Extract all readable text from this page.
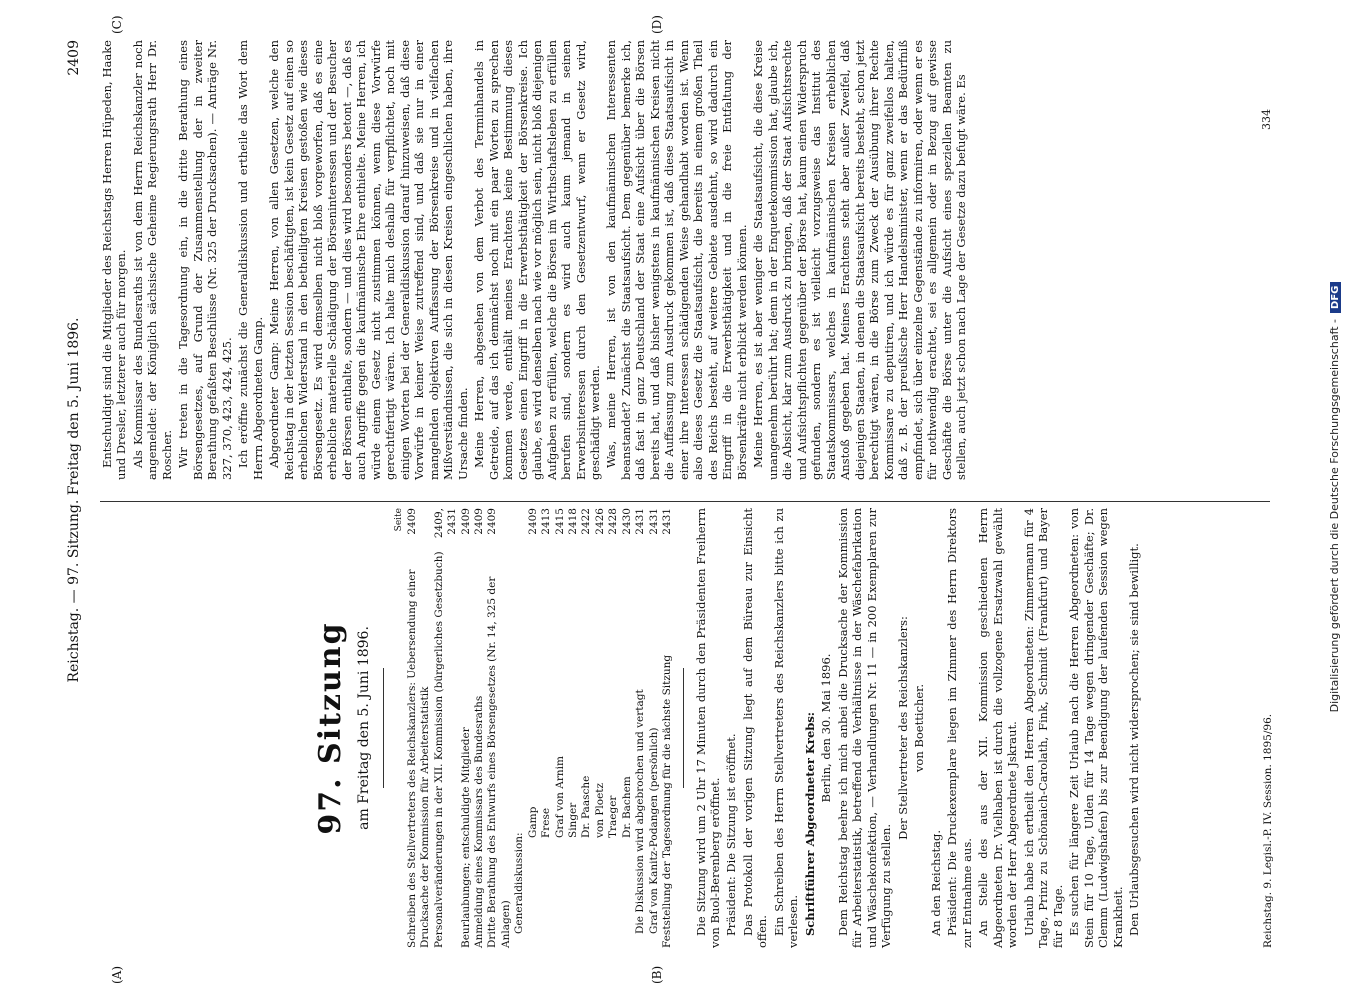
Reichstag. — 97. Sitzung. Freitag den 5. Juni 1896.
2409
(A)	(B)
(C)	(D)
97. Sitzung am Freitag den 5. Juni 1896.
Seite
Schreiben des Stellvertreters des Reichskanzlers: Uebersendung einer Drucksache der Kommission für Arbeiterstatistik
2409
Personalveränderungen in der XII. Kommission (bürgerliches Gesetzbuch)
2409, 2431
Beurlaubungen; entschuldigte Mitglieder
2409
Anmeldung eines Kommissars des Bundesraths
2409
Dritte Berathung des Entwurfs eines Börsengesetzes (Nr. 14, 325 der Anlagen)
2409
Generaldiskussion:
Gamp
2409
Frese
2413
Graf von Arnim
2415
Singer
2418
Dr. Paasche
2422
von Ploetz
2426
Traeger
2428
Dr. Bachem
2430
Die Diskussion wird abgebrochen und vertagt
2431
Graf von Kanitz-Podangen (persönlich)
2431
Feststellung der Tagesordnung für die nächste Sitzung
2431 Die Sitzung wird um 2 Uhr 17 Minuten durch den Präsidenten Freiherrn von Buol-Berenberg eröffnet. Präsident: Die Sitzung ist eröffnet. Das Protokoll der vorigen Sitzung liegt auf dem Büreau zur Einsicht offen. Ein Schreiben des Herrn Stellvertreters des Reichskanzlers bitte ich zu verlesen. Schriftführer Abgeordneter Krebs: Berlin, den 30. Mai 1896. Dem Reichstag beehre ich mich anbei die Drucksache der Kommission für Arbeiterstatistik, betreffend die Verhältnisse in der Wäschefabrikation und Wäschekonfektion, — Verhandlungen Nr. 11 — in 200 Exemplaren zur Verfügung zu stellen.

Der Stellvertreter des Reichskanzlers: von Boetticher.

An den Reichstag. Präsident: Die Druckexemplare liegen im Zimmer des Herrn Direktors zur Entnahme aus. An Stelle des aus der XII. Kommission geschiedenen Herrn Abgeordneten Dr. Vielhaben ist durch die vollzogene Ersatzwahl gewählt worden der Herr Abgeordnete Jskraut. Urlaub habe ich ertheilt den Herren Abgeordneten: Zimmermann für 4 Tage, Prinz zu Schönaich-Carolath, Fink, Schmidt (Frankfurt) und Bayer für 8 Tage. Es suchen für längere Zeit Urlaub nach die Herren Abgeordneten: von Stein für 10 Tage, Ulden für 14 Tage wegen dringender Geschäfte; Dr. Clemm (Ludwigshafen) bis zur Beendigung der laufenden Session wegen Krankheit. Den Urlaubsgesuchen wird nicht widersprochen; sie sind bewilligt.

Entschuldigt sind die Mitglieder des Reichstags Herren Hüpeden, Haake und Dresler, letzterer auch für morgen. Als Kommissar des Bundesraths ist von dem Herrn Reichskanzler noch angemeldet: der Königlich sächsische Geheime Regierungsrath Herr Dr. Roscher. Wir treten in die Tagesordnung ein, in die dritte Berathung eines Börsengesetzes, auf Grund der Zusammenstellung der in zweiter Berathung gefaßten Beschlüsse (Nr. 325 der Drucksachen). — Anträge Nr. 327, 370, 423, 424, 425. Ich eröffne zunächst die Generaldiskussion und ertheile das Wort dem Herrn Abgeordneten Gamp. Abgeordneter Gamp: Meine Herren, von allen Gesetzen, welche den Reichstag in der letzten Session beschäftigten, ist kein Gesetz auf einen so erheblichen Widerstand in den betheiligten Kreisen gestoßen wie dieses Börsengesetz. Es wird demselben nicht bloß vorgeworfen, daß es eine erhebliche materielle Schädigung der Börseninteressen und der Besucher der Börsen enthalte, sondern — und dies wird besonders betont —, daß es auch Angriffe gegen die kaufmännische Ehre enthielte. Meine Herren, ich würde einem Gesetz nicht zustimmen können, wenn diese Vorwürfe gerechtfertigt wären. Ich halte mich deshalb für verpflichtet, noch mit einigen Worten bei der Generaldiskussion darauf hinzuweisen, daß diese Vorwürfe in keiner Weise zutreffend sind, und daß sie nur in einer mangelnden objektiven Auffassung der Börsenkreise und in vielfachen Mißverständnissen, die sich in diesen Kreisen eingeschlichen haben, ihre Ursache finden. Meine Herren, abgesehen von dem Verbot des Terminhandels in Getreide, auf das ich demnächst noch mit ein paar Worten zu sprechen kommen werde, enthält meines Erachtens keine Bestimmung dieses Gesetzes einen Eingriff in die Erwerbsthätigkeit der Börsenkreise. Ich glaube, es wird denselben nach wie vor möglich sein, nicht bloß diejenigen Aufgaben zu erfüllen, welche die Börsen im Wirthschaftsleben zu erfüllen berufen sind, sondern es wird auch kaum jemand in seinen Erwerbsinteressen durch den Gesetzentwurf, wenn er Gesetz wird, geschädigt werden. Was, meine Herren, ist von den kaufmännischen Interessenten beanstandet? Zunächst die Staatsaufsicht. Dem gegenüber bemerke ich, daß fast in ganz Deutschland der Staat eine Aufsicht über die Börsen bereits hat, und daß bisher wenigstens in kaufmännischen Kreisen nicht die Auffassung zum Ausdruck gekommen ist, daß diese Staatsaufsicht in einer ihre Interessen schädigenden Weise gehandhabt worden ist. Wenn also dieses Gesetz die Staatsaufsicht, die bereits in einem großen Theil des Reichs besteht, auf weitere Gebiete ausdehnt, so wird dadurch ein Eingriff in die Erwerbsthätigkeit und in die freie Entfaltung der Börsenkräfte nicht erblickt werden können. Meine Herren, es ist aber weniger die Staatsaufsicht, die diese Kreise unangenehm berührt hat; denn in der Enquetekommission hat, glaube ich, die Absicht, klar zum Ausdruck zu bringen, daß der Staat Aufsichtsrechte und Aufsichtspflichten gegenüber der Börse hat, kaum einen Widerspruch gefunden, sondern es ist vielleicht vorzugsweise das Institut des Staatskommissars, welches in kaufmännischen Kreisen erheblichen Anstoß gegeben hat. Meines Erachtens steht aber außer Zweifel, daß diejenigen Staaten, in denen die Staatsaufsicht bereits besteht, schon jetzt berechtigt wären, in die Börse zum Zweck der Ausübung ihrer Rechte Kommissare zu deputiren, und ich würde es für ganz zweifellos halten, daß z. B. der preußische Herr Handelsminister, wenn er das Bedürfniß empfindet, sich über einzelne Gegenstände zu informiren, oder wenn er es für nothwendig erachtet, sei es allgemein oder in Bezug auf gewisse Geschäfte die Börse unter die Aufsicht eines speziellen Beamten zu stellen, auch jetzt schon nach Lage der Gesetze dazu befugt wäre. Es

Reichstag. 9. Legisl.-P. IV. Session. 1895/96.
334
Digitalisierung gefördert durch die Deutsche Forschungsgemeinschaft -DFG
